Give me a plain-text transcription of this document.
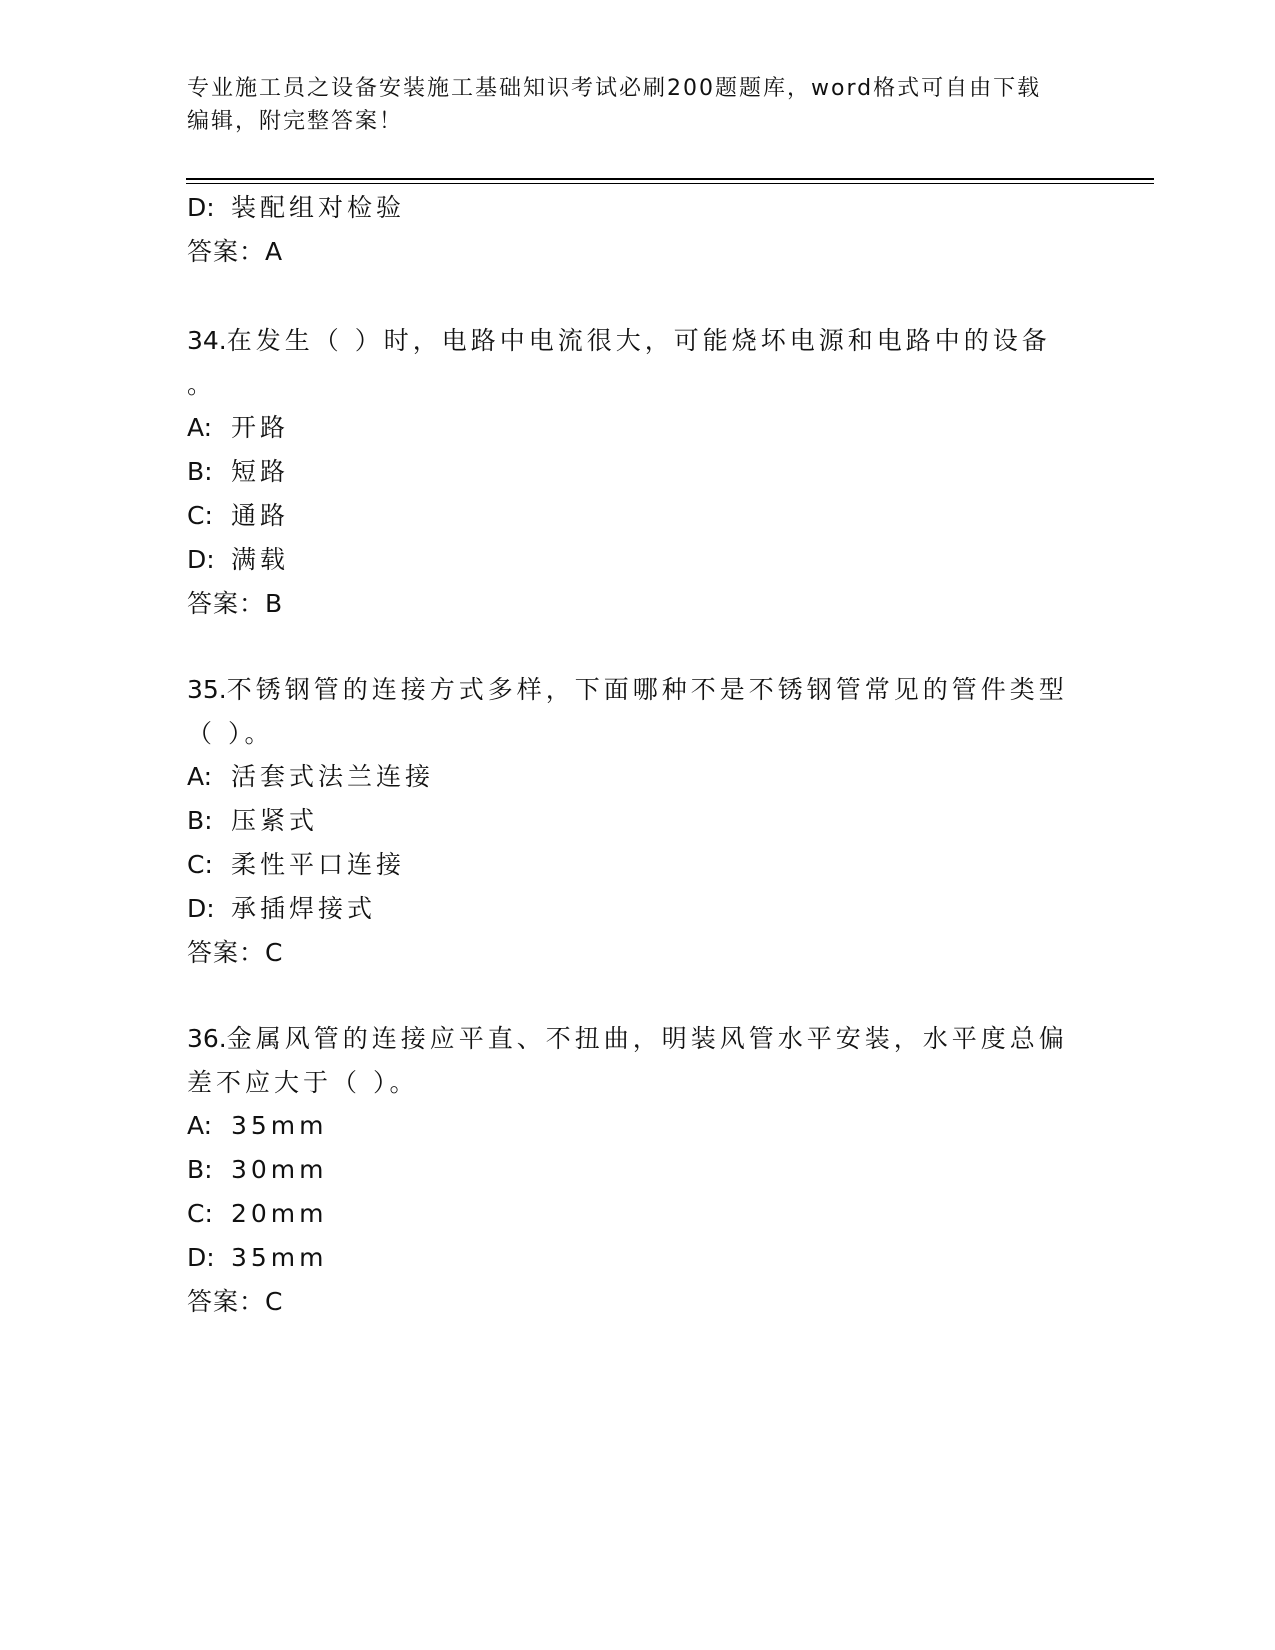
专业施工员之设备安装施工基础知识考试必刷200题题库，word格式可自由下载
编辑，附完整答案！
D: 装配组对检验
答案：A
34.在发生（ ）时，电路中电流很大，可能烧坏电源和电路中的设备
。
A: 开路
B: 短路
C: 通路
D: 满载
答案：B
35.不锈钢管的连接方式多样，下面哪种不是不锈钢管常见的管件类型
（ ）。
A: 活套式法兰连接
B: 压紧式
C: 柔性平口连接
D: 承插焊接式
答案：C
36.金属风管的连接应平直、不扭曲，明装风管水平安装，水平度总偏
差不应大于（ ）。
A: 35mm
B: 30mm
C: 20mm
D: 35mm
答案：C
